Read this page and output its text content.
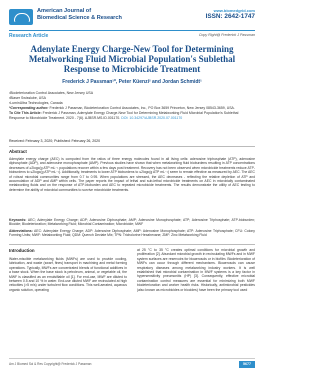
American Journal of
Biomedical Science & Research
www.biomedgrid.com
ISSN: 2642-1747
Research Article	Copy Right@ Frederick J Passman
Adenylate Energy Charge-New Tool for Determining Metalworking Fluid Microbial Population's Sublethal Response to Microbicide Treatment
Frederick J Passman¹*, Peter Küenzi² and Jordan Schmidt¹

¹Biodeterioration Control Associates, New Jersey USA

²Blaser Swisslube, USA

³LuminUltra Technologies, Canada

*Corresponding author: Frederick J Passman, Biodeterioration Control Associates, Inc., PO Box 3659 Princeton, New Jersey 08543-3659, USA.

To Cite This Article: Frederick J Passman, Adenylate Energy Charge-New Tool for Determining Metalworking Fluid Microbial Population's Sublethal Response to Microbicide Treatment. 2020 - 7(6). AJBSR.MS.ID.001170. DOI: 10.34297/AJBSR.2020.07.001170

Received: February 3, 2020; Published: February 26, 2020
Abstract
Adenylate energy charge (AEC) is computed from the ratios of three energy molecules found in all living cells: adenosine triphosphate (ATP), adenosine diphosphate (ADP), and adenosine monophosphate (AMP). Previous studies have shown that when metalworking fluid bioburdens resulting in ATP concentrations decreases of ≥2logc(g ATP mL⁻¹ populations recover within a few days post treatment. Recovery has not been observed when microbicide treatments reduce ATP-bioburdens to ≤2logc(g ATP mL⁻¹). Additionally, treatments to lower ATP bioburdens to ≤2logc(g ATP mL⁻¹) seem to remain effective as measured by AEC. The AEC of robust microbial communities range from 0.7 to 0.95. When populations are stressed, the AEC decreases - reflecting the relative depletion of ATP and accumulation of ADP and AMP within cells. The paper reports the impact of lethal and sub-lethal microbicide treatments on AEC in microbially contaminated metalworking fluids and on the response of ATP-bioburden and AEC to repeated microbicide treatments. The results demonstrate the utility of AEC testing to determine the ability of microbial communities to survive microbicide treatments.
Keywords: AEC; Adenylate Energy Charge; ADP; Adenosine Diphosphate; AMP; Adenosine Monophosphate; ATP; Adenosine Triphosphate; ATP-bioburden; Biocide; Biodeterioration; Metalworking Fluid; Microbial Contamination; Microbicide; MWF
Abbreviations: AEC: Adenylate Energy Charge; ADP: Adenosine Diphosphate; AMP: Adenosine Monophosphate; ATP: Adenosine Triphosphate; CFU: Colony Forming Units; MWF: Metalworking Fluid; QDM: Quench Deviate Mix; TPN: Tricholorine Hexahexane; ZMF: Zinc Metalworking Fluid
Introduction
Water-miscible metalworking fluids (MWFs) are used to provide cooling, lubrication, and waste (swarf, fines) transport in machining and metal forming operations. Typically, MWFs are concentrated blends of functional additives in a base stock. When the base stock is petroleum, animal, or vegetable oil, the MWF is classified as an emulsifiable oil [1]. For end-use, MWF are diluted to between 0.5 and 10 % in water. End-use diluted MWF are recirculated at high velocities (>5 m/s) under turbulent flow conditions. This well-aerated, aqueous organic solution, operating
at 25 °C to 35 °C creates optimal conditions for microbial growth and proliferation [2]. Abundant microbial growth in recirculating MWFs and in MWF system surfaces are reservoirs for bioaerosols or in biofilm. Biodeterioration of MWFs can occur through different mechanisms. Bioaerosols can cause respiratory diseases among metalworking industry workers. It is well established that microbial contamination in MWF systems is a key factor in hypersensitivity pneumonitis (HP) [3]. Consequently, effective microbial contamination control measures are essential for minimizing both MWF biodeterioration and worker health risks. Historically, antimicrobial pesticides (also known as microbicides or biocides) have been the primary tool used
Am J Biomed Sci & Res Copyright@ Frederick J Passman	5677
